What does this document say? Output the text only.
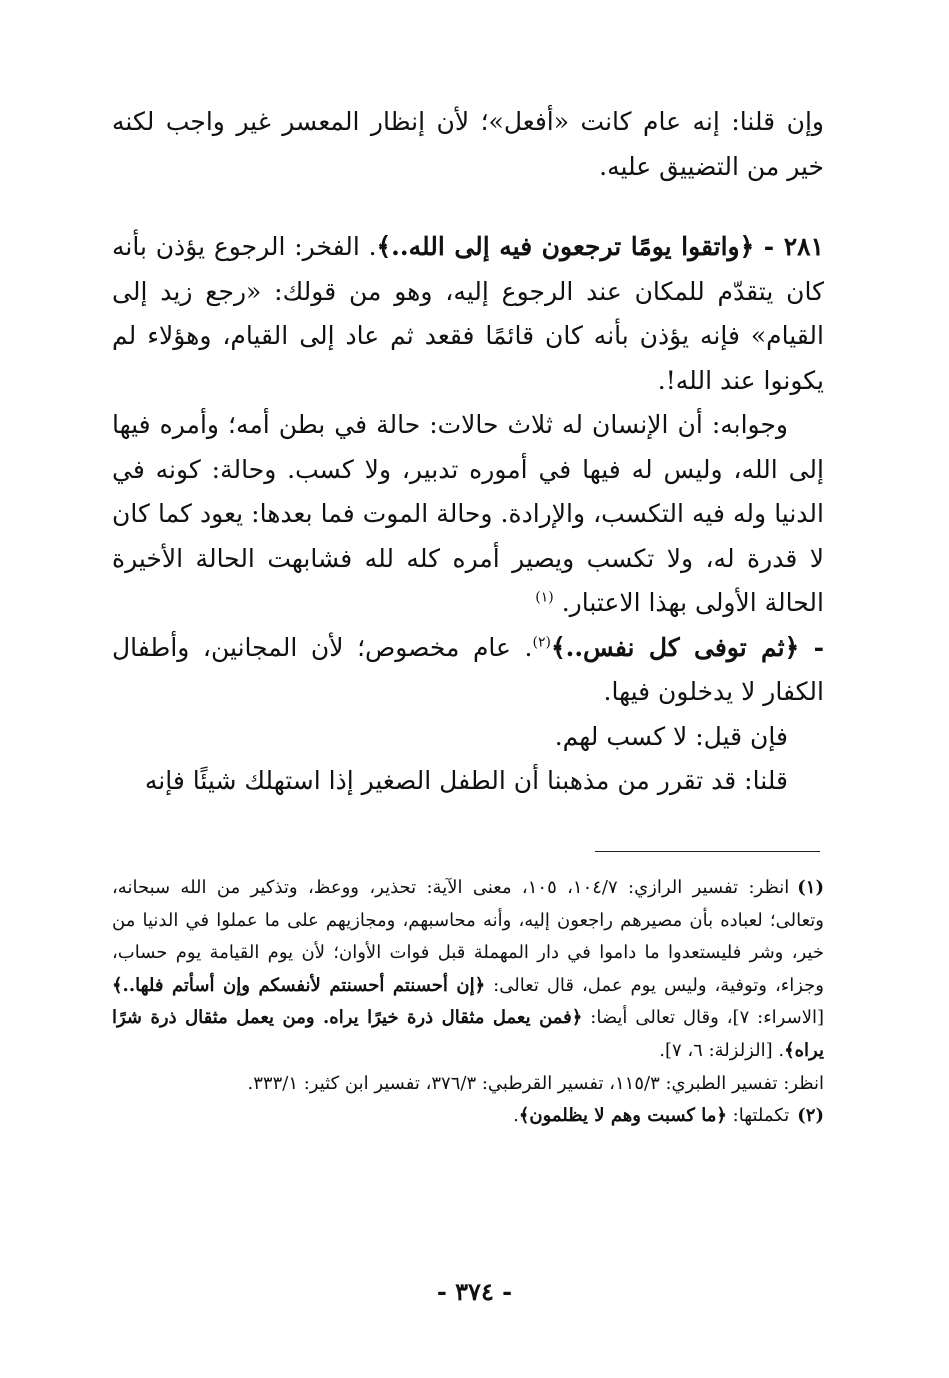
وإن قلنا: إنه عام كانت «أفعل»؛ لأن إنظار المعسر غير واجب لكنه خير من التضييق عليه.

٢٨١ - ﴿واتقوا يومًا ترجعون فيه إلى الله..﴾. الفخر: الرجوع يؤذن بأنه كان يتقدّم للمكان عند الرجوع إليه، وهو من قولك: «رجع زيد إلى القيام» فإنه يؤذن بأنه كان قائمًا فقعد ثم عاد إلى القيام، وهؤلاء لم يكونوا عند الله!.

وجوابه: أن الإنسان له ثلاث حالات: حالة في بطن أمه؛ وأمره فيها إلى الله، وليس له فيها في أموره تدبير، ولا كسب. وحالة: كونه في الدنيا وله فيه التكسب، والإرادة. وحالة الموت فما بعدها: يعود كما كان لا قدرة له، ولا تكسب ويصير أمره كله لله فشابهت الحالة الأخيرة الحالة الأولى بهذا الاعتبار. $^{(١)}$

- ﴿ثم توفى كل نفس..﴾$^{(٢)}$. عام مخصوص؛ لأن المجانين، وأطفال الكفار لا يدخلون فيها.

فإن قيل: لا كسب لهم.

قلنا: قد تقرر من مذهبنا أن الطفل الصغير إذا استهلك شيئًا فإنه

(١)انظر: تفسير الرازي: ١٠٤/٧، ١٠٥، معنى الآية: تحذير، ووعظ، وتذكير من الله سبحانه، وتعالى؛ لعباده بأن مصيرهم راجعون إليه، وأنه محاسبهم، ومجازيهم على ما عملوا في الدنيا من خير، وشر فليستعدوا ما داموا في دار المهملة قبل فوات الأوان؛ لأن يوم القيامة يوم حساب، وجزاء، وتوفية، وليس يوم عمل، قال تعالى: ﴿إن أحسنتم أحسنتم لأنفسكم وإن أسأتم فلها..﴾ [الاسراء: ٧]، وقال تعالى أيضا: ﴿فمن يعمل مثقال ذرة خيرًا يراه. ومن يعمل مثقال ذرة شرًا يراه﴾. [الزلزلة: ٦، ٧].

انظر: تفسير الطبري: ١١٥/٣، تفسير القرطبي: ٣٧٦/٣، تفسير ابن كثير: ٣٣٣/١.

(٢)تكملتها: ﴿ما كسبت وهم لا يظلمون﴾.

- ٣٧٤ -
